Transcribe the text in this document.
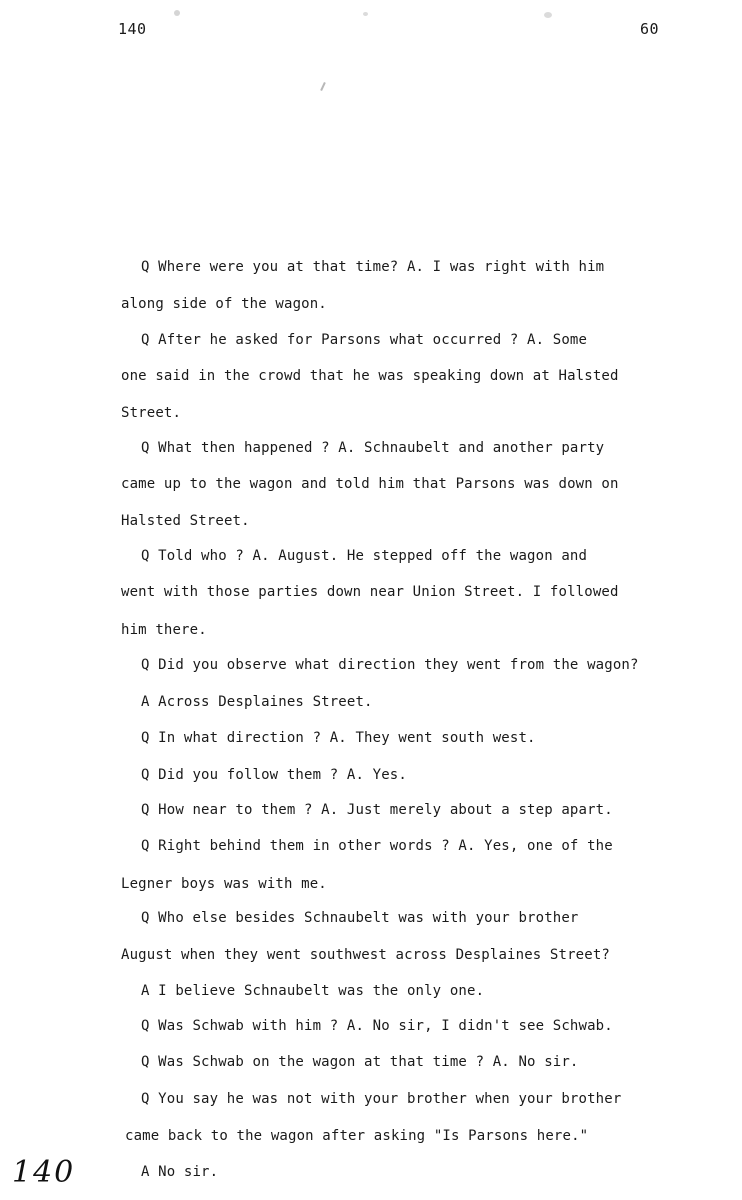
140	60
Q Where were you at that time? A. I was right with him
along side of the wagon.
Q After he asked for Parsons what occurred ? A. Some
one said in the crowd that he was speaking down at Halsted
Street.
Q What then happened ? A. Schnaubelt and another party
came up to the wagon and told him that Parsons was down on
Halsted Street.
Q Told who ? A. August. He stepped off the wagon and
went with those parties down near Union Street. I followed
him there.
Q Did you observe what direction they went from the wagon?
A Across Desplaines Street.
Q In what direction ? A. They went south west.
Q Did you follow them ? A. Yes.
Q How near to them ? A. Just merely about a step apart.
Q Right behind them in other words ? A. Yes, one of the
Legner boys was with me.
Q Who else besides Schnaubelt was with your brother
August when they went southwest across Desplaines Street?
A I believe Schnaubelt was the only one.
Q Was Schwab with him ? A. No sir, I didn't see Schwab.
Q Was Schwab on the wagon at that time ? A. No sir.
Q You say he was not with your brother when your brother
came back to the wagon after asking "Is Parsons here."
A No sir.
140
